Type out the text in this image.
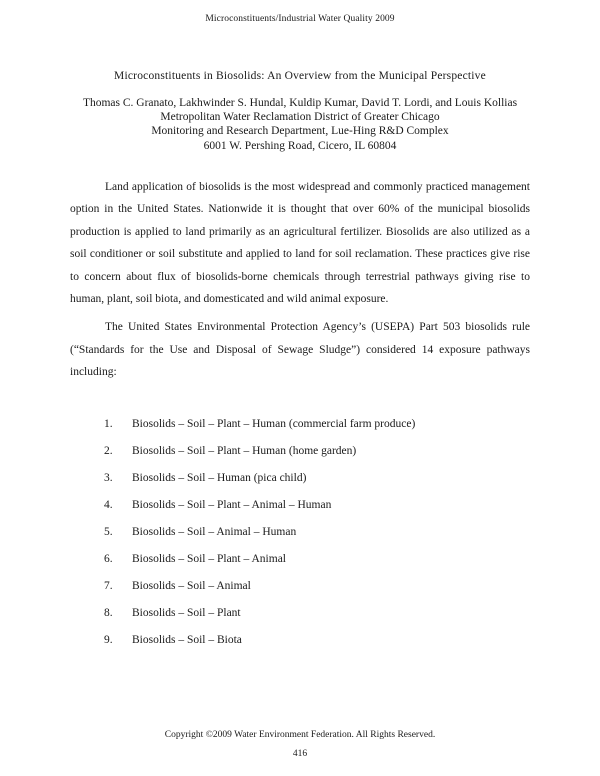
Microconstituents/Industrial Water Quality 2009
Microconstituents in Biosolids: An Overview from the Municipal Perspective
Thomas C. Granato, Lakhwinder S. Hundal, Kuldip Kumar, David T. Lordi, and Louis Kollias
Metropolitan Water Reclamation District of Greater Chicago
Monitoring and Research Department, Lue-Hing R&D Complex
6001 W. Pershing Road, Cicero, IL 60804

Land application of biosolids is the most widespread and commonly practiced management option in the United States. Nationwide it is thought that over 60% of the municipal biosolids production is applied to land primarily as an agricultural fertilizer. Biosolids are also utilized as a soil conditioner or soil substitute and applied to land for soil reclamation. These practices give rise to concern about flux of biosolids-borne chemicals through terrestrial pathways giving rise to human, plant, soil biota, and domesticated and wild animal exposure.

The United States Environmental Protection Agency’s (USEPA) Part 503 biosolids rule (“Standards for the Use and Disposal of Sewage Sludge”) considered 14 exposure pathways including:

1.	Biosolids – Soil – Plant – Human (commercial farm produce)
2.	Biosolids – Soil – Plant – Human (home garden)
3.	Biosolids – Soil – Human (pica child)
4.	Biosolids – Soil – Plant – Animal – Human
5.	Biosolids – Soil – Animal – Human
6.	Biosolids – Soil – Plant – Animal
7.	Biosolids – Soil – Animal
8.	Biosolids – Soil – Plant
9.	Biosolids – Soil – Biota
Copyright ©2009 Water Environment Federation. All Rights Reserved.
416
